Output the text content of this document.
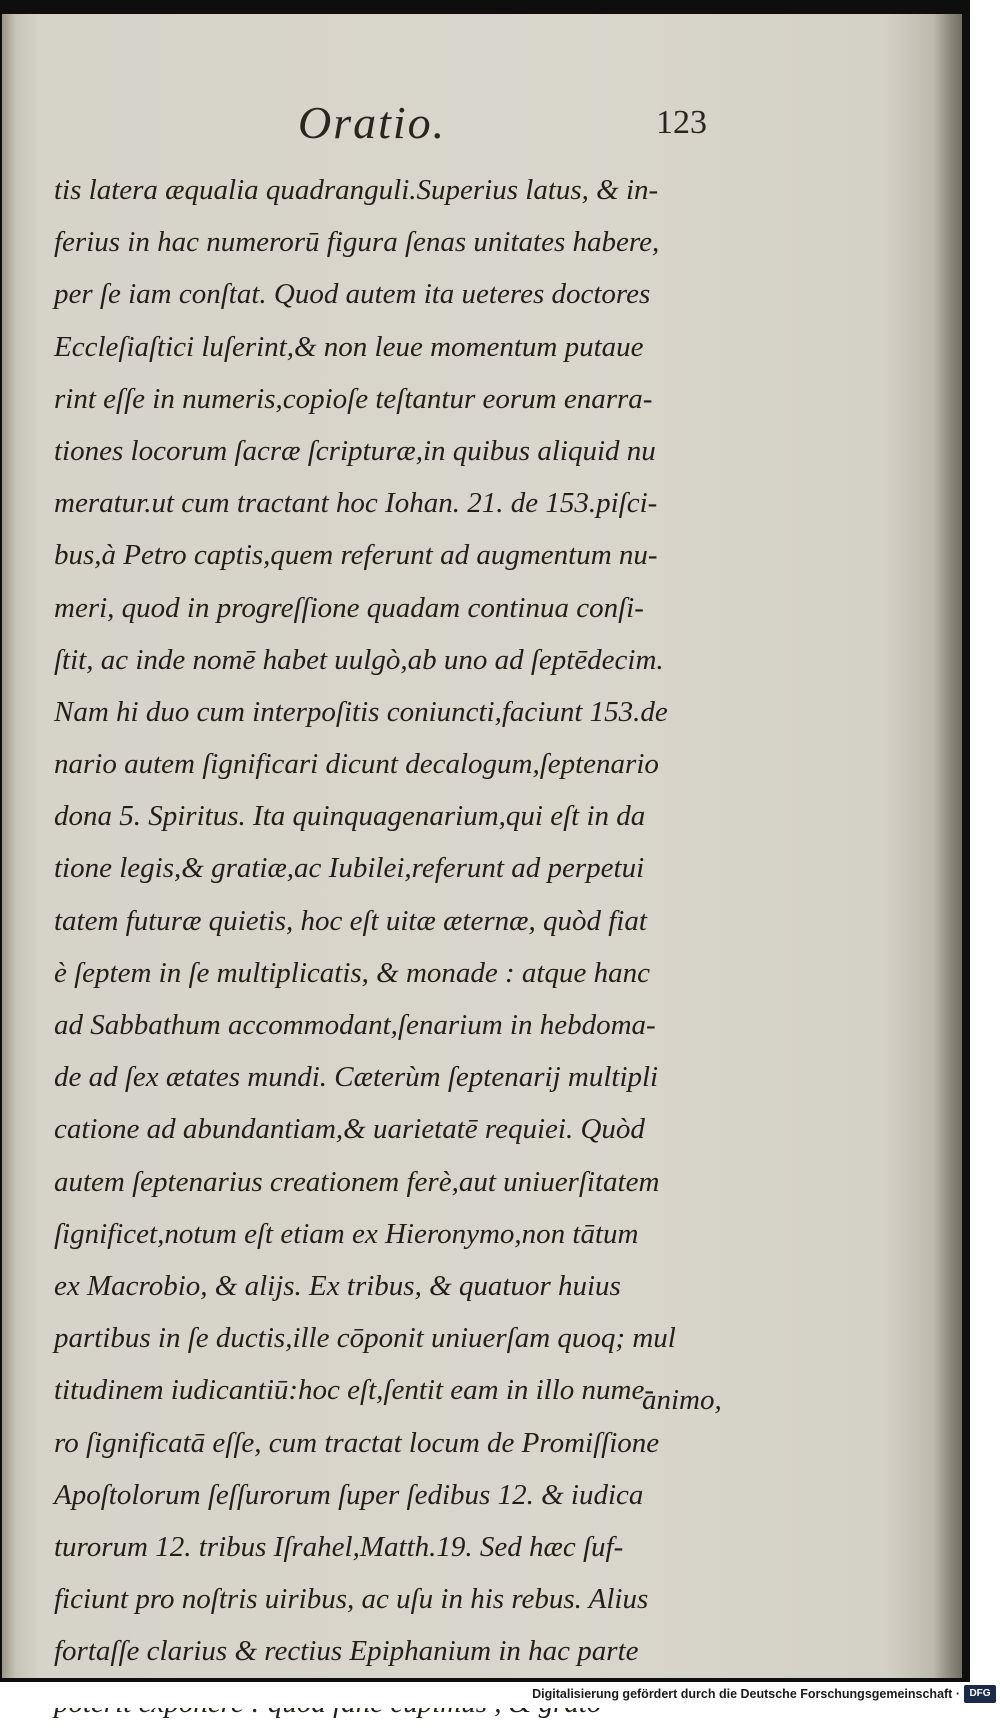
Oratio.	123
tis latera æqualia quadranguli.Superius latus, & in-
ferius in hac numerorū figura ſenas unitates habere,
per ſe iam conſtat. Quod autem ita ueteres doctores
Eccleſiaſtici luſerint,& non leue momentum putaue
rint eſſe in numeris,copioſe teſtantur eorum enarra-
tiones locorum ſacræ ſcripturæ,in quibus aliquid nu
meratur.ut cum tractant hoc Iohan. 21. de 153.piſci-
bus,à Petro captis,quem referunt ad augmentum nu-
meri, quod in progreſſione quadam continua conſi-
ſtit, ac inde nomē habet uulgò,ab uno ad ſeptēdecim.
Nam hi duo cum interpoſitis coniuncti,faciunt 153.de
nario autem ſignificari dicunt decalogum,ſeptenario
dona 5. Spiritus. Ita quinquagenarium,qui eſt in da
tione legis,& gratiæ,ac Iubilei,referunt ad perpetui
tatem futuræ quietis, hoc eſt uitæ æternæ, quòd fiat
è ſeptem in ſe multiplicatis, & monade : atque hanc
ad Sabbathum accommodant,ſenarium in hebdoma-
de ad ſex ætates mundi. Cæterùm ſeptenarij multipli
catione ad abundantiam,& uarietatē requiei. Quòd
autem ſeptenarius creationem ferè,aut uniuerſitatem
ſignificet,notum eſt etiam ex Hieronymo,non tātum
ex Macrobio, & alijs. Ex tribus, & quatuor huius
partibus in ſe ductis,ille cōponit uniuerſam quoq; mul
titudinem iudicantiū:hoc eſt,ſentit eam in illo nume-
ro ſignificatā eſſe, cum tractat locum de Promiſſione
Apoſtolorum ſeſſurorum ſuper ſedibus 12. & iudica
turorum 12. tribus Iſrahel,Matth.19. Sed hæc ſuf-
ficiunt pro noſtris uiribus, ac uſu in his rebus. Alius
fortaſſe clarius & rectius Epiphanium in hac parte
animo,
Digitalisierung gefördert durch die Deutsche Forschungsgemeinschaft · DFG
